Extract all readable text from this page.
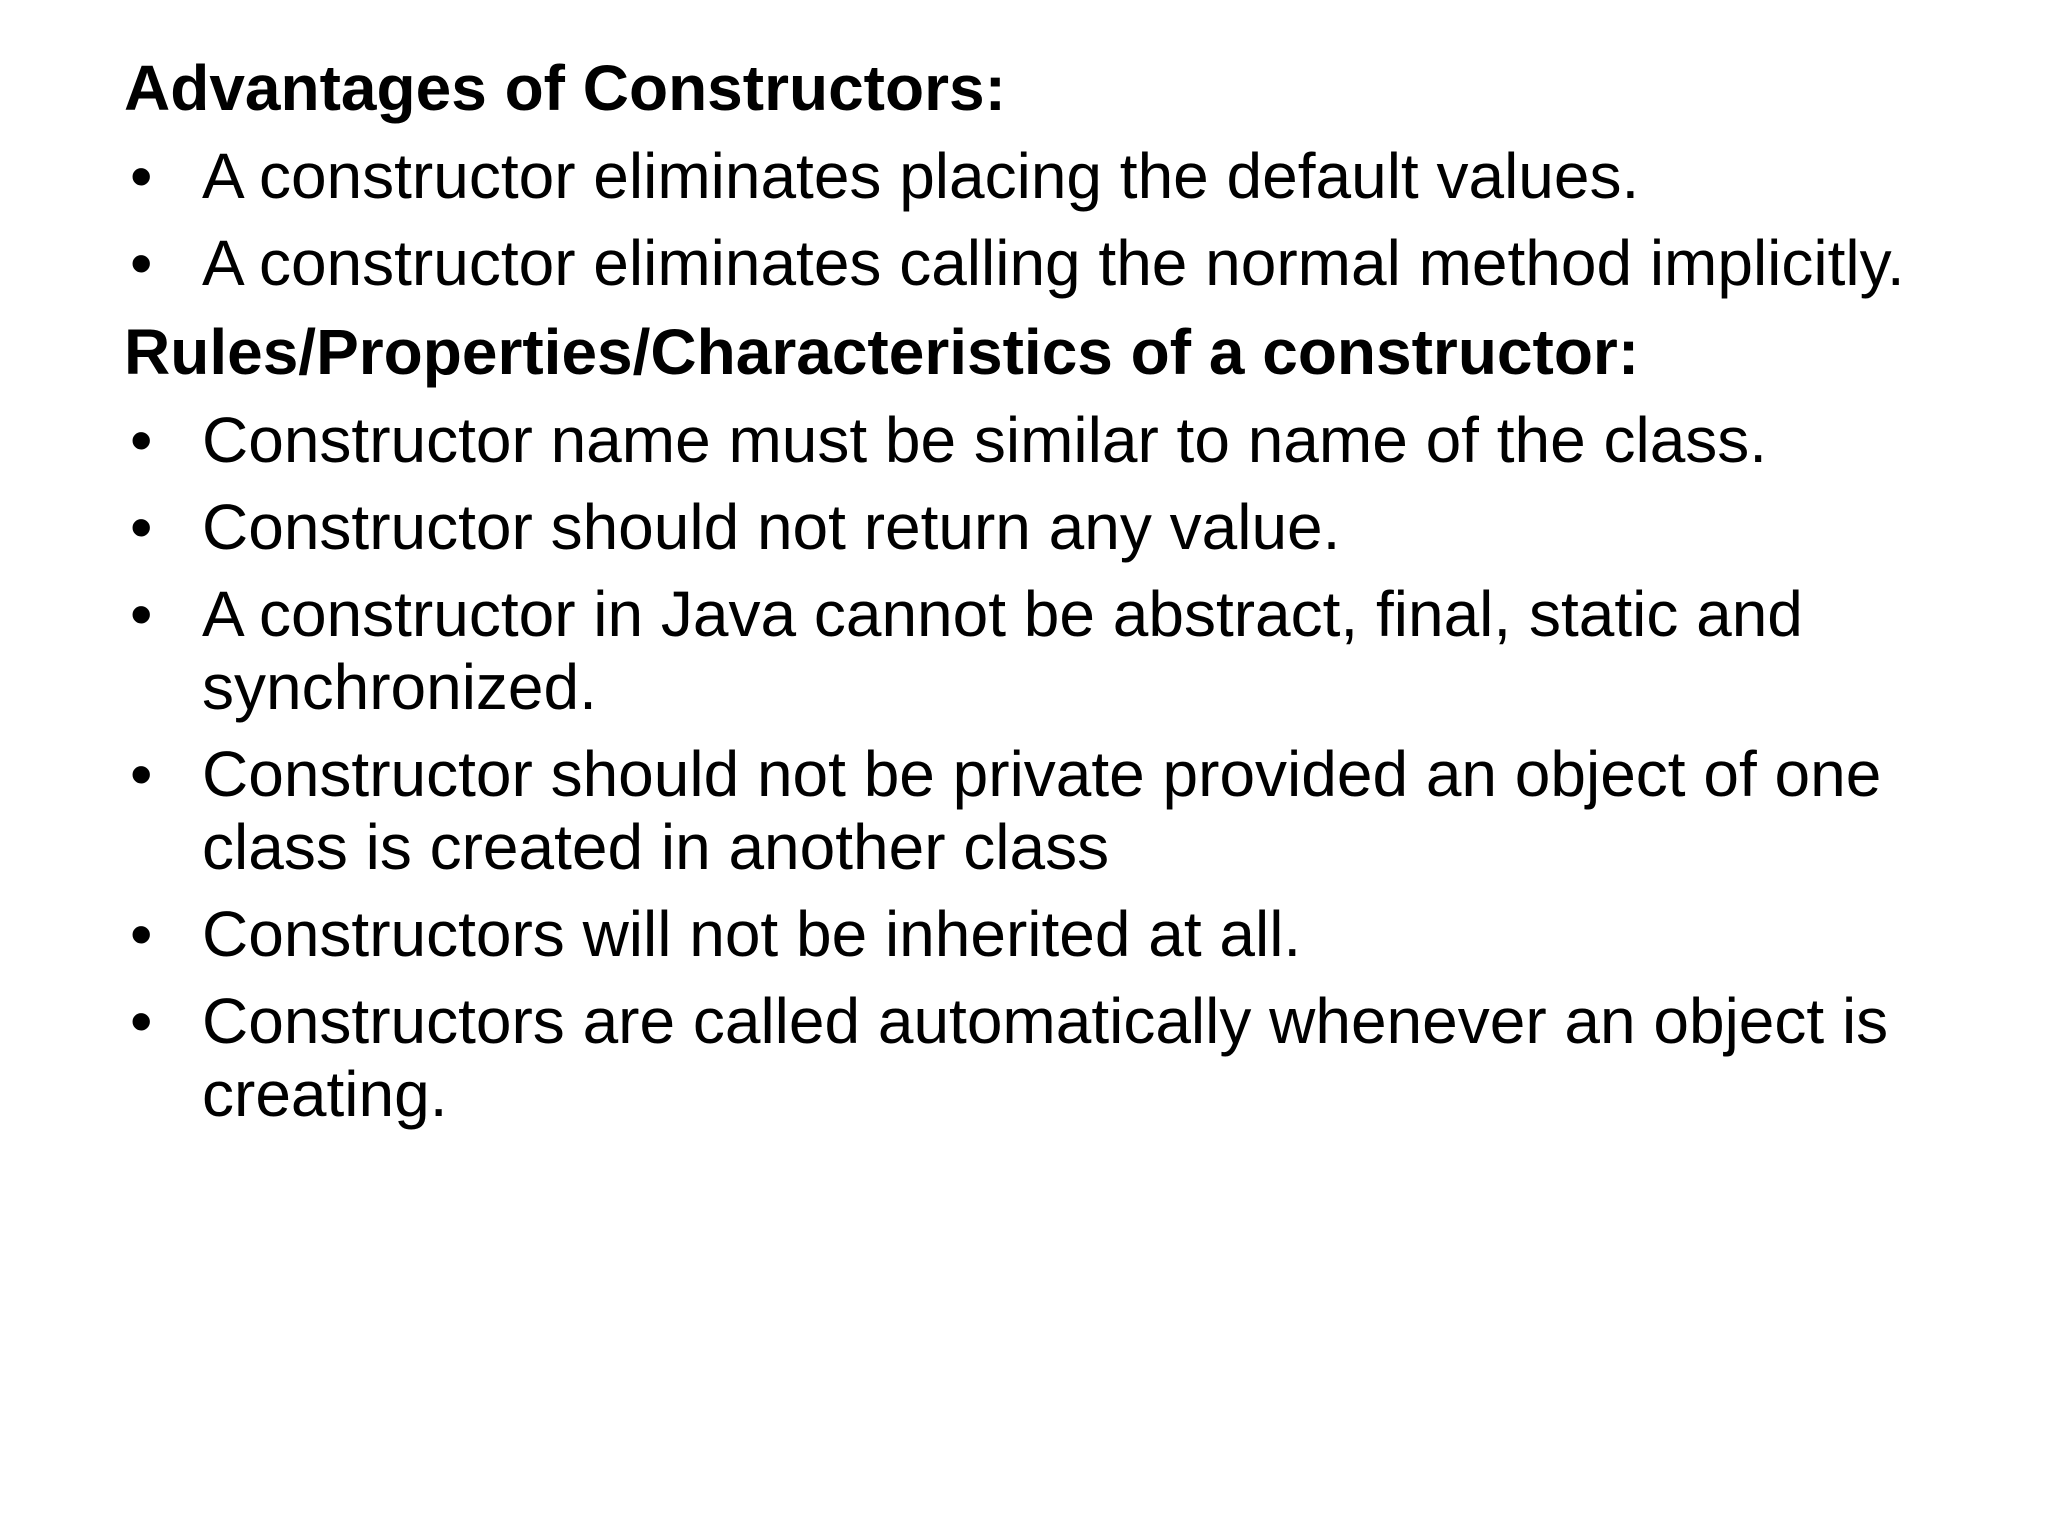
Advantages of Constructors:
• A constructor eliminates placing the default values.
• A constructor eliminates calling the normal method implicitly.
Rules/Properties/Characteristics of a constructor:
• Constructor name must be similar to name of the class.
• Constructor should not return any value.
• A constructor in Java cannot be abstract, final, static and synchronized.
• Constructor should not be private provided an object of one class is created in another class
• Constructors will not be inherited at all.
• Constructors are called automatically whenever an object is creating.
